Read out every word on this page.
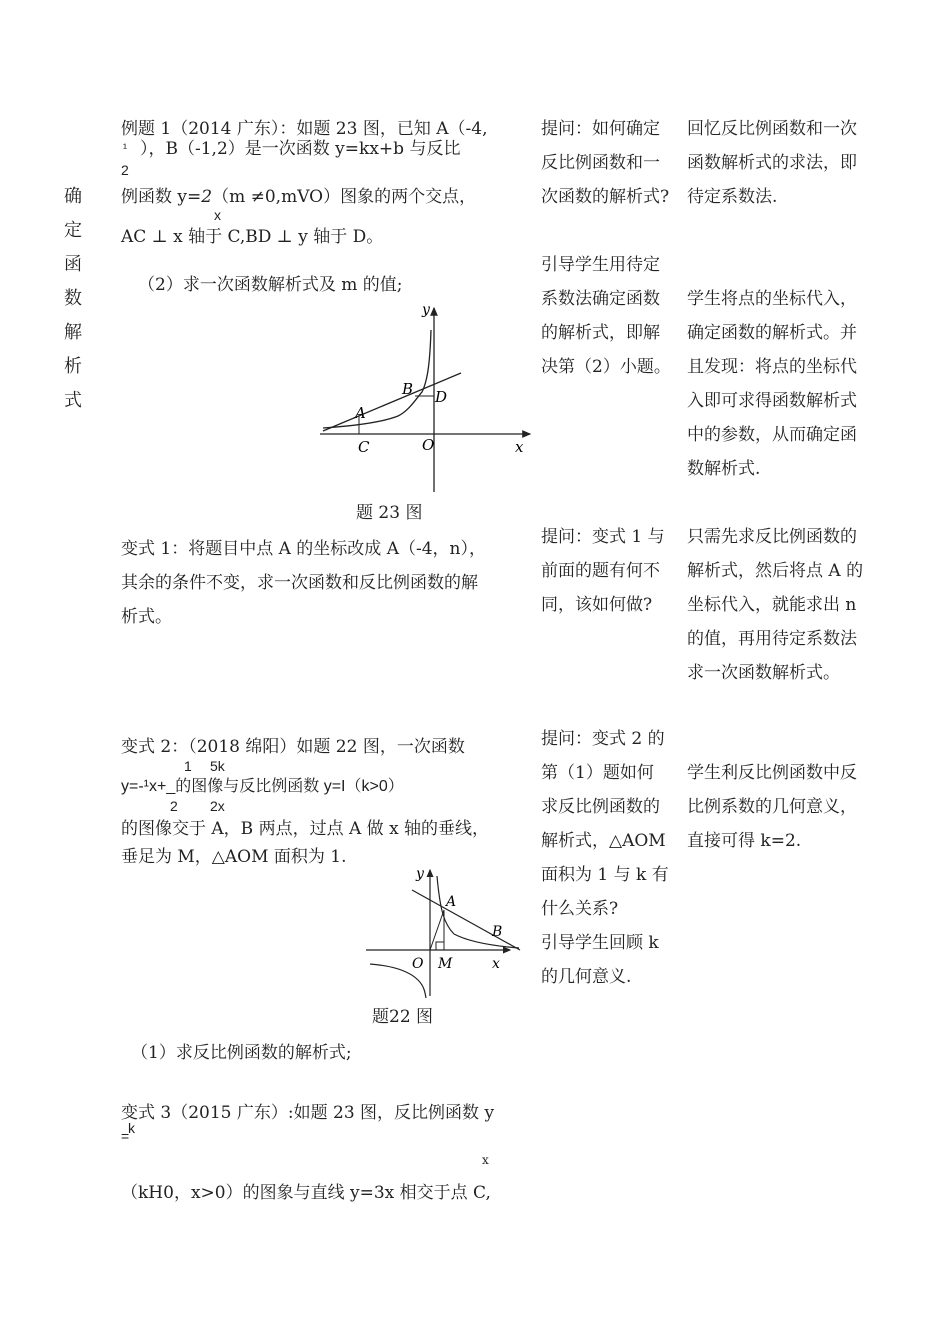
确
定
函
数
解
析
式
例题 1（2014 广东）：如题 23 图，已知 A（-4,
¹ ），B（-1,2）是一次函数 y=kx+b 与反比
2
例函数 y=2（m ≠0,mVO）图象的两个交点，
x
AC ⊥ x 轴于 C,BD ⊥ y 轴于 D。
（2）求一次函数解析式及 m 的值;
y
x
A
B
C
D
O
题 23 图
变式 1：将题目中点 A 的坐标改成 A（-4，n），
其余的条件不变，求一次函数和反比例函数的解
析式。
变式 2：（2018 绵阳）如题 22 图，一次函数
1 5k
y=-¹x+_的图像与反比例函数 y=I（k>0）
2 2x
的图像交于 A，B 两点，过点 A 做 x 轴的垂线，
垂足为 M，△AOM 面积为 1.
y
x
A
B
O M
题22 图
（1）求反比例函数的解析式;
变式 3（2015 广东）:如题 23 图，反比例函数 y
=
k
x
（kH0，x>0）的图象与直线 y=3x 相交于点 C,
提问：如何确定
反比例函数和一
次函数的解析式?
引导学生用待定
系数法确定函数
的解析式，即解
决第（2）小题。
提问：变式 1 与
前面的题有何不
同，该如何做?
提问：变式 2 的
第（1）题如何
求反比例函数的
解析式，△AOM
面积为 1 与 k 有
什么关系?
引导学生回顾 k
的几何意义.
回忆反比例函数和一次
函数解析式的求法，即
待定系数法.
学生将点的坐标代入，
确定函数的解析式。并
且发现：将点的坐标代
入即可求得函数解析式
中的参数，从而确定函
数解析式.
只需先求反比例函数的
解析式，然后将点 A 的
坐标代入，就能求出 n
的值，再用待定系数法
求一次函数解析式。
学生利反比例函数中反
比例系数的几何意义，
直接可得 k=2.
